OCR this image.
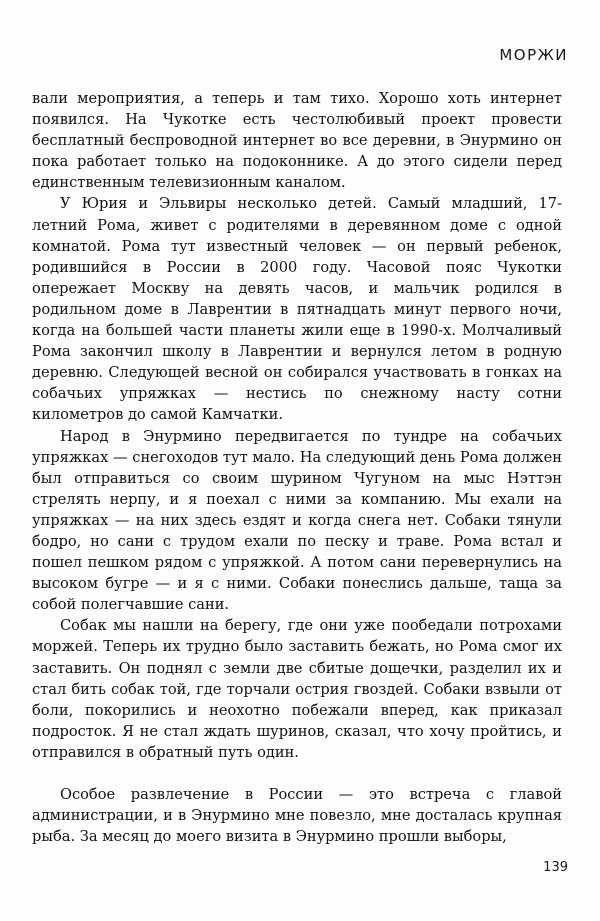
МОРЖИ

вали мероприятия, а теперь и там тихо. Хорошо хоть интернет появился. На Чукотке есть честолюбивый проект провести бесплатный беспроводной интернет во все деревни, в Энурмино он пока работает только на подоконнике. А до этого сидели перед единственным телевизионным каналом.

У Юрия и Эльвиры несколько детей. Самый младший, 17-летний Рома, живет с родителями в деревянном доме с одной комнатой. Рома тут известный человек — он первый ребенок, родившийся в России в 2000 году. Часовой пояс Чукотки опережает Москву на девять часов, и мальчик родился в родильном доме в Лаврентии в пятнадцать минут первого ночи, когда на большей части планеты жили еще в 1990-х. Молчаливый Рома закончил школу в Лаврентии и вернулся летом в родную деревню. Следующей весной он собирался участвовать в гонках на собачьих упряжках — нестись по снежному насту сотни километров до самой Камчатки.

Народ в Энурмино передвигается по тундре на собачьих упряжках — снегоходов тут мало. На следующий день Рома должен был отправиться со своим шурином Чугуном на мыс Нэттэн стрелять нерпу, и я поехал с ними за компанию. Мы ехали на упряжках — на них здесь ездят и когда снега нет. Собаки тянули бодро, но сани с трудом ехали по песку и траве. Рома встал и пошел пешком рядом с упряжкой. А потом сани перевернулись на высоком бугре — и я с ними. Собаки понеслись дальше, таща за собой полегчавшие сани.

Собак мы нашли на берегу, где они уже пообедали потрохами моржей. Теперь их трудно было заставить бежать, но Рома смог их заставить. Он поднял с земли две сбитые дощечки, разделил их и стал бить собак той, где торчали острия гвоздей. Собаки взвыли от боли, покорились и неохотно побежали вперед, как приказал подросток. Я не стал ждать шуринов, сказал, что хочу пройтись, и отправился в обратный путь один.

Особое развлечение в России — это встреча с главой администрации, и в Энурмино мне повезло, мне досталась крупная рыба. За месяц до моего визита в Энурмино прошли выборы,

139
